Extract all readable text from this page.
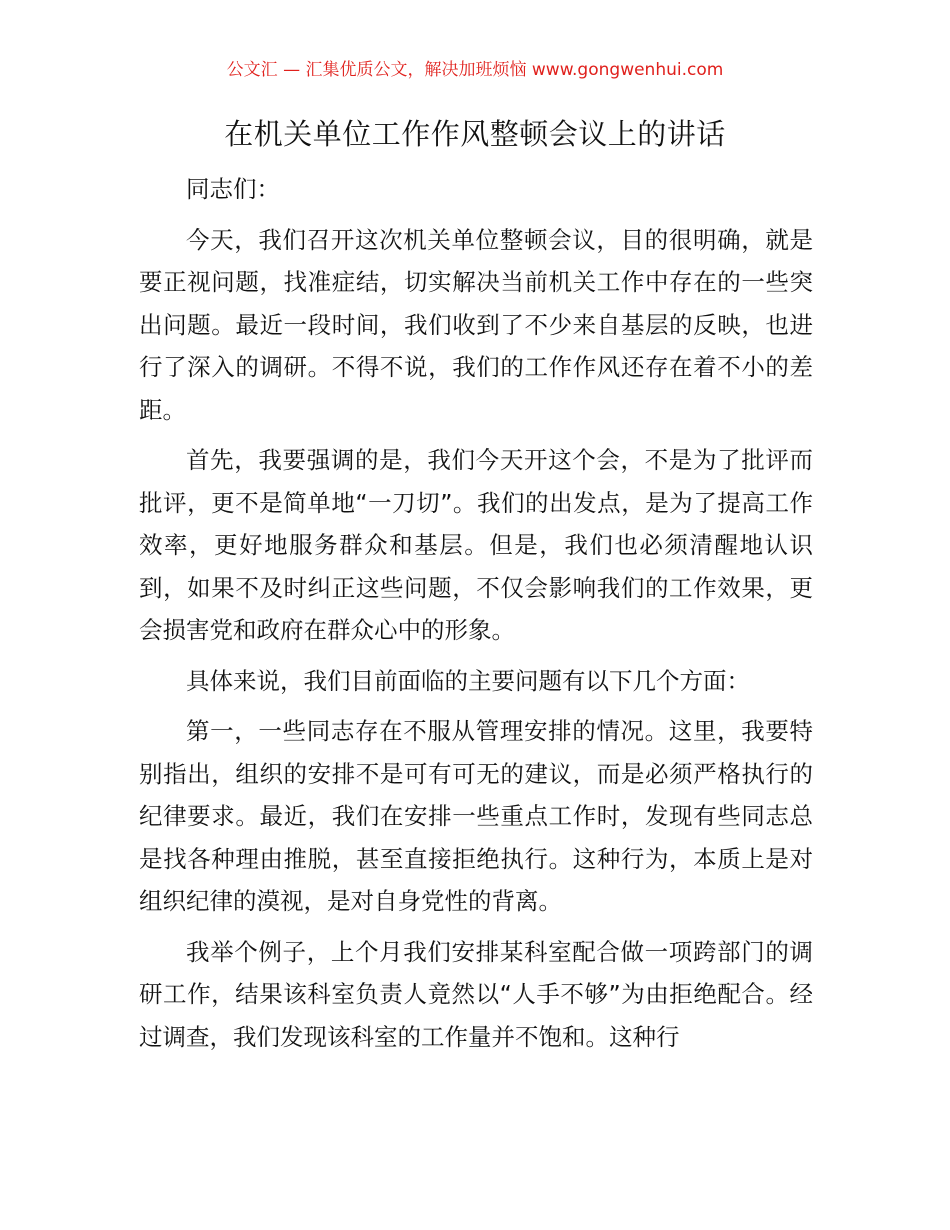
公文汇 — 汇集优质公文，解决加班烦恼 www.gongwenhui.com
在机关单位工作作风整顿会议上的讲话

同志们：

今天，我们召开这次机关单位整顿会议，目的很明确，就是要正视问题，找准症结，切实解决当前机关工作中存在的一些突出问题。最近一段时间，我们收到了不少来自基层的反映，也进行了深入的调研。不得不说，我们的工作作风还存在着不小的差距。

首先，我要强调的是，我们今天开这个会，不是为了批评而批评，更不是简单地“一刀切”。我们的出发点，是为了提高工作效率，更好地服务群众和基层。但是，我们也必须清醒地认识到，如果不及时纠正这些问题，不仅会影响我们的工作效果，更会损害党和政府在群众心中的形象。

具体来说，我们目前面临的主要问题有以下几个方面：

第一，一些同志存在不服从管理安排的情况。这里，我要特别指出，组织的安排不是可有可无的建议，而是必须严格执行的纪律要求。最近，我们在安排一些重点工作时，发现有些同志总是找各种理由推脱，甚至直接拒绝执行。这种行为，本质上是对组织纪律的漠视，是对自身党性的背离。

我举个例子，上个月我们安排某科室配合做一项跨部门的调研工作，结果该科室负责人竟然以“人手不够”为由拒绝配合。经过调查，我们发现该科室的工作量并不饱和。这种行
